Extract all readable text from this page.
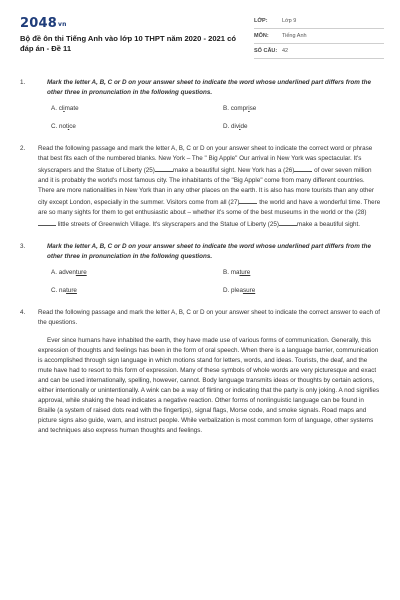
2048vn
Bộ đề ôn thi Tiếng Anh vào lớp 10 THPT năm 2020 - 2021 có đáp án - Đề 11
LỚP:	Lớp 9
MÔN:	Tiếng Anh
SỐ CÂU: 42
1.	Mark the letter A, B, C or D on your answer sheet to indicate the word whose underlined part differs from the other three in pronunciation in the following questions.
A. climate	B. comprise
C. notice	D. divide
2. Read the following passage and mark the letter A, B, C or D on your answer sheet to indicate the correct word or phrase that best fits each of the numbered blanks. New York – The " Big Apple" Our arrival in New York was spectacular. It's skyscrapers and the Statue of Liberty (25)	make a beautiful sight. New York has a (26)	of over seven million and it is probably the world's most famous city. The inhabitants of the "Big Apple" come from many different countries. There are more nationalities in New York than in any other places on the earth. It is also has more tourists than any other city except London, especially in the summer. Visitors come from all (27)	the world and have a wonderful time. There are so many sights for them to get enthusiastic about – whether it's some of the best museums in the world or the (28) little streets of Greenwich Village. It's skyscrapers and the Statue of Liberty (25)	make a beautiful sight.
3.	Mark the letter A, B, C or D on your answer sheet to indicate the word whose underlined part differs from the other three in pronunciation in the following questions.
A. adventure	B. mature
C. nature	D. pleasure
4. Read the following passage and mark the letter A, B, C or D on your answer sheet to indicate the correct answer to each of the questions.
Ever since humans have inhabited the earth, they have made use of various forms of communication. Generally, this expression of thoughts and feelings has been in the form of oral speech. When there is a language barrier, communication is accomplished through sign language in which motions stand for letters, words, and ideas. Tourists, the deaf, and the mute have had to resort to this form of expression. Many of these symbols of whole words are very picturesque and exact and can be used internationally, spelling, however, cannot. Body language transmits ideas or thoughts by certain actions, either intentionally or unintentionally. A wink can be a way of flirting or indicating that the party is only joking. A nod signifies approval, while shaking the head indicates a negative reaction. Other forms of nonlinguistic language can be found in Braille (a system of raised dots read with the fingertips), signal flags, Morse code, and smoke signals. Road maps and picture signs also guide, warn, and instruct people. While verbalization is most common form of language, other systems and techniques also express human thoughts and feelings.
